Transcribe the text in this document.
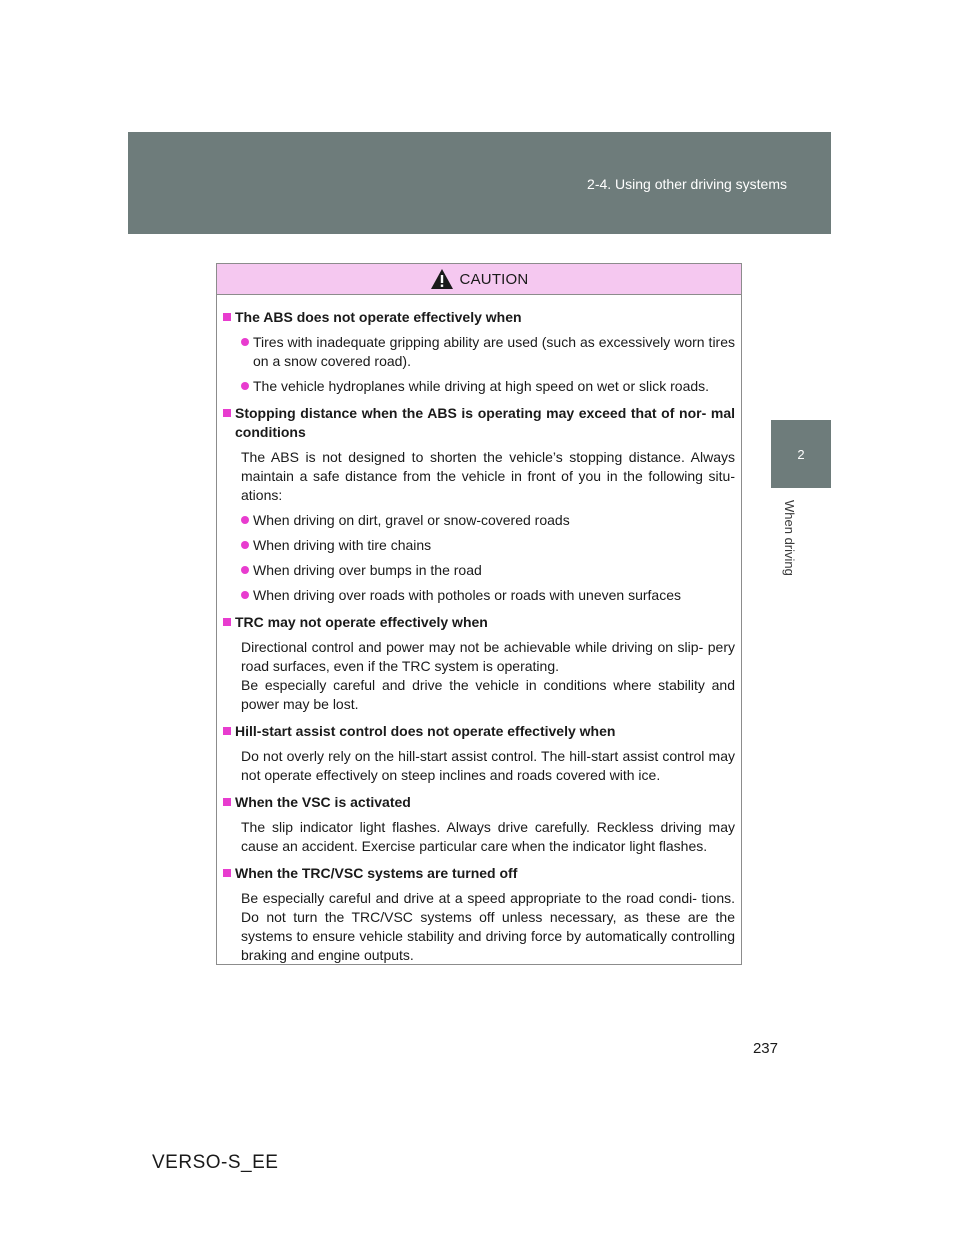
2-4. Using other driving systems
2
When driving
CAUTION
The ABS does not operate effectively when
Tires with inadequate gripping ability are used (such as excessively worn tires on a snow covered road).
The vehicle hydroplanes while driving at high speed on wet or slick roads.
Stopping distance when the ABS is operating may exceed that of nor- mal conditions
The ABS is not designed to shorten the vehicle’s stopping distance. Always maintain a safe distance from the vehicle in front of you in the following situ- ations:
When driving on dirt, gravel or snow-covered roads
When driving with tire chains
When driving over bumps in the road
When driving over roads with potholes or roads with uneven surfaces
TRC may not operate effectively when
Directional control and power may not be achievable while driving on slip- pery road surfaces, even if the TRC system is operating.
Be especially careful and drive the vehicle in conditions where stability and power may be lost.
Hill-start assist control does not operate effectively when
Do not overly rely on the hill-start assist control. The hill-start assist control may not operate effectively on steep inclines and roads covered with ice.
When the VSC is activated
The slip indicator light flashes. Always drive carefully. Reckless driving may cause an accident. Exercise particular care when the indicator light flashes.
When the TRC/VSC systems are turned off
Be especially careful and drive at a speed appropriate to the road condi- tions. Do not turn the TRC/VSC systems off unless necessary, as these are the systems to ensure vehicle stability and driving force by automatically controlling braking and engine outputs.
237
VERSO-S_EE
